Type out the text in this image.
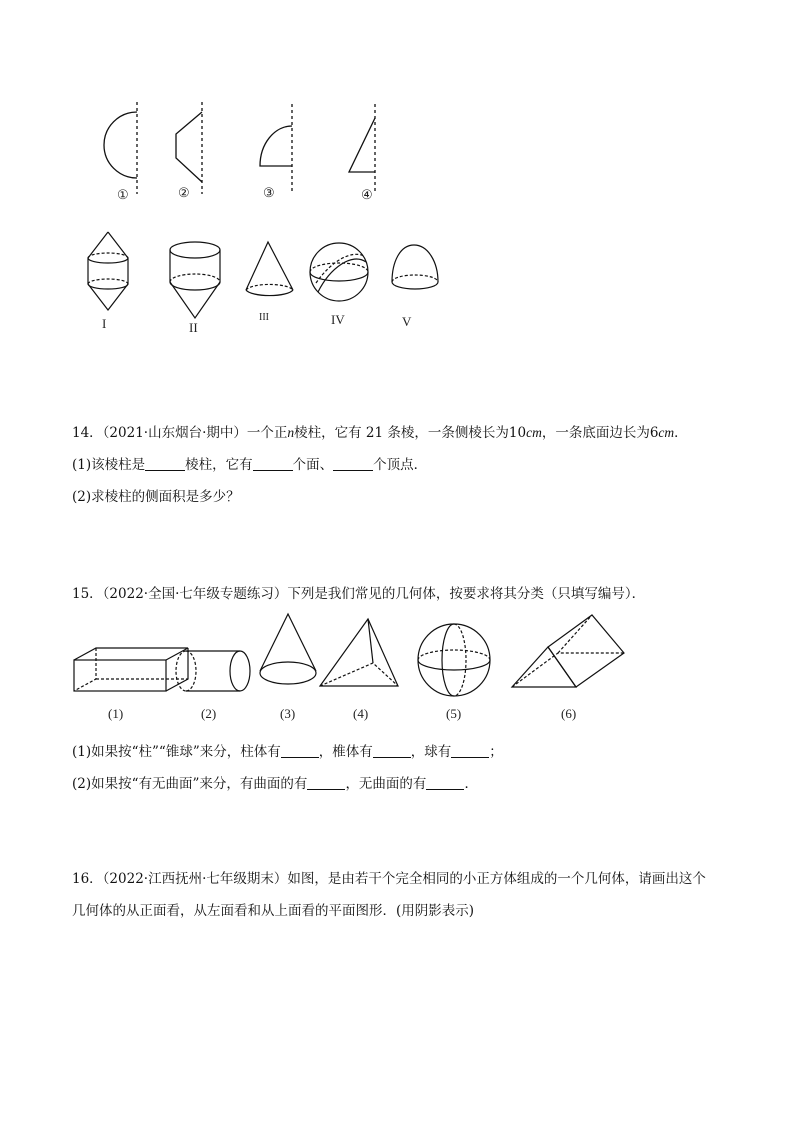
①	②	③	④
I	II
III	IV	V
14．（2021·山东烟台·期中）一个正n棱柱，它有 21 条棱，一条侧棱长为10cm，一条底面边长为6cm．
(1)该棱柱是	棱柱，它有	个面、	个顶点．
(2)求棱柱的侧面积是多少？
15．（2022·全国·七年级专题练习）下列是我们常见的几何体，按要求将其分类（只填写编号）．
(1)	(2)	(3)	(4)	(5)	(6)
(1)如果按“柱”“锥球”来分，柱体有	，椎体有	，球有	；
(2)如果按“有无曲面”来分，有曲面的有	，无曲面的有	．
16．（2022·江西抚州·七年级期末）如图，是由若干个完全相同的小正方体组成的一个几何体，请画出这个
几何体的从正面看，从左面看和从上面看的平面图形．(用阴影表示)
